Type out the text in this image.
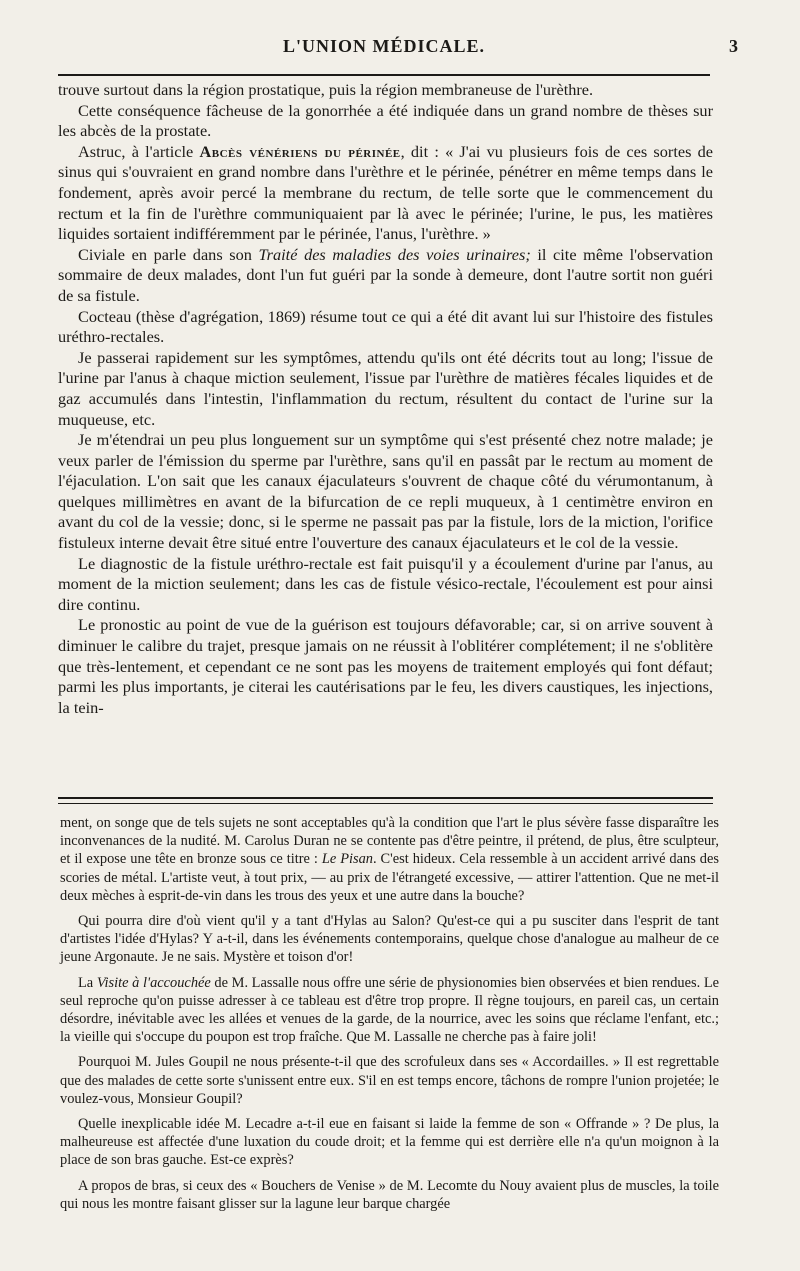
L'UNION MÉDICALE.	3

trouve surtout dans la région prostatique, puis la région membraneuse de l'urèthre.

Cette conséquence fâcheuse de la gonorrhée a été indiquée dans un grand nombre de thèses sur les abcès de la prostate.

Astruc, à l'article Abcès vénériens du périnée, dit : « J'ai vu plusieurs fois de ces sortes de sinus qui s'ouvraient en grand nombre dans l'urèthre et le périnée, pénétrer en même temps dans le fondement, après avoir percé la membrane du rectum, de telle sorte que le commencement du rectum et la fin de l'urèthre communiquaient par là avec le périnée; l'urine, le pus, les matières liquides sortaient indifféremment par le périnée, l'anus, l'urèthre. »

Civiale en parle dans son Traité des maladies des voies urinaires; il cite même l'observation sommaire de deux malades, dont l'un fut guéri par la sonde à demeure, dont l'autre sortit non guéri de sa fistule.

Cocteau (thèse d'agrégation, 1869) résume tout ce qui a été dit avant lui sur l'histoire des fistules uréthro-rectales.

Je passerai rapidement sur les symptômes, attendu qu'ils ont été décrits tout au long; l'issue de l'urine par l'anus à chaque miction seulement, l'issue par l'urèthre de matières fécales liquides et de gaz accumulés dans l'intestin, l'inflammation du rectum, résultent du contact de l'urine sur la muqueuse, etc.

Je m'étendrai un peu plus longuement sur un symptôme qui s'est présenté chez notre malade; je veux parler de l'émission du sperme par l'urèthre, sans qu'il en passât par le rectum au moment de l'éjaculation. L'on sait que les canaux éjaculateurs s'ouvrent de chaque côté du vérumontanum, à quelques millimètres en avant de la bifurcation de ce repli muqueux, à 1 centimètre environ en avant du col de la vessie; donc, si le sperme ne passait pas par la fistule, lors de la miction, l'orifice fistuleux interne devait être situé entre l'ouverture des canaux éjaculateurs et le col de la vessie.

Le diagnostic de la fistule uréthro-rectale est fait puisqu'il y a écoulement d'urine par l'anus, au moment de la miction seulement; dans les cas de fistule vésico-rectale, l'écoulement est pour ainsi dire continu.

Le pronostic au point de vue de la guérison est toujours défavorable; car, si on arrive souvent à diminuer le calibre du trajet, presque jamais on ne réussit à l'oblitérer complétement; il ne s'oblitère que très-lentement, et cependant ce ne sont pas les moyens de traitement employés qui font défaut; parmi les plus importants, je citerai les cautérisations par le feu, les divers caustiques, les injections, la tein-

ment, on songe que de tels sujets ne sont acceptables qu'à la condition que l'art le plus sévère fasse disparaître les inconvenances de la nudité. M. Carolus Duran ne se contente pas d'être peintre, il prétend, de plus, être sculpteur, et il expose une tête en bronze sous ce titre : Le Pisan. C'est hideux. Cela ressemble à un accident arrivé dans des scories de métal. L'artiste veut, à tout prix, — au prix de l'étrangeté excessive, — attirer l'attention. Que ne met-il deux mèches à esprit-de-vin dans les trous des yeux et une autre dans la bouche?

Qui pourra dire d'où vient qu'il y a tant d'Hylas au Salon? Qu'est-ce qui a pu susciter dans l'esprit de tant d'artistes l'idée d'Hylas? Y a-t-il, dans les événements contemporains, quelque chose d'analogue au malheur de ce jeune Argonaute. Je ne sais. Mystère et toison d'or!

La Visite à l'accouchée de M. Lassalle nous offre une série de physionomies bien observées et bien rendues. Le seul reproche qu'on puisse adresser à ce tableau est d'être trop propre. Il règne toujours, en pareil cas, un certain désordre, inévitable avec les allées et venues de la garde, de la nourrice, avec les soins que réclame l'enfant, etc.; la vieille qui s'occupe du poupon est trop fraîche. Que M. Lassalle ne cherche pas à faire joli!

Pourquoi M. Jules Goupil ne nous présente-t-il que des scrofuleux dans ses « Accordailles. » Il est regrettable que des malades de cette sorte s'unissent entre eux. S'il en est temps encore, tâchons de rompre l'union projetée; le voulez-vous, Monsieur Goupil?

Quelle inexplicable idée M. Lecadre a-t-il eue en faisant si laide la femme de son « Offrande » ? De plus, la malheureuse est affectée d'une luxation du coude droit; et la femme qui est derrière elle n'a qu'un moignon à la place de son bras gauche. Est-ce exprès?

A propos de bras, si ceux des « Bouchers de Venise » de M. Lecomte du Nouy avaient plus de muscles, la toile qui nous les montre faisant glisser sur la lagune leur barque chargée
